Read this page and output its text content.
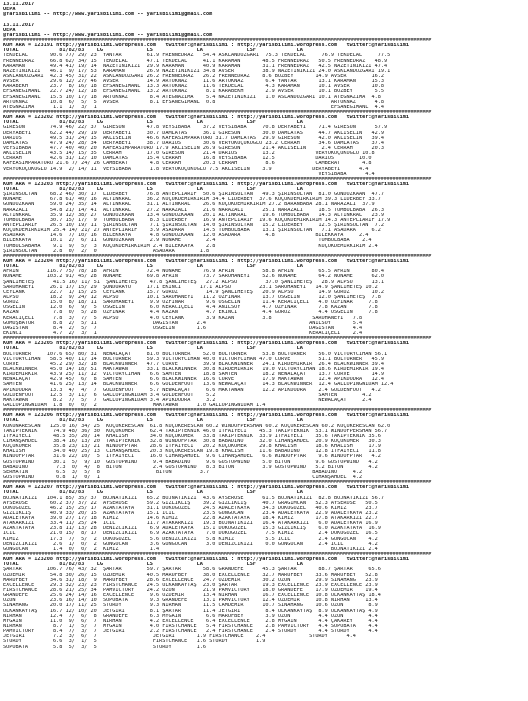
13.11.2017
UEPA
@YarisBilimi -- http://www.yarisbilimi.com -- yarisbilimi@gmail.com
13.11.2017
UEPA
@YarisBilimi -- http://www.yarisbilimi.com -- yarisbilimi@gmail.com
################################################################################################################################################
KUM ARA = 123191 http://yarisbilimi.wordpress.com   twitter:@YarisBilimi : http://yarisbilimi.wordpress.com   twitter:@YarisBilimi
TOTAL             81/82/83    LG              LS              LA              LSF             LA
TEKDELAL       90.6 77/ 29/ 23  YANTAR        61.9 FRENNEDRAZ   54.4 ASKLANDÜZGARI  75.3 TEKDELAL     76.9 TEKDELAL     77.5
FRENNEDRAZ     66.8 62/ 34/ 15  TEKDELAL      47.1 TEKDELAL     41.1 KARAMAN       48.5 FRENNEDRAZ   50.5 FRENNEDRAZ   48.9
KARAMAN        49.4 41/ 19/ 14  NAZETINIKIZI  29.9 KARAMAN      40.9 KARAMAN       31.1 FRENNEDRAZ   42.5 NAZETINIKIZI 47.4
NAZETINIKIZI   46.1  9/ 17/ 53  KARAMAN       26.9 NAZETINIKIZI 34.8 AVSER         38.9 NAZETINIKIZI 24.0 ASKLANDÜZGARI 19.1
ASKLANDÜZGARI  42.3 45/ 31/ 22  ASKLANDÜZGARI 26.2 FRENNEDRAZ   26.2 FRENNEDRAZ    8.6 BOZBEY       14.9 AVSER        16.2
AVSER          29.6 12/ 27/ 46  AVSER         14.9 ARTOKNAZ     11.6 ARTOKNAZ       6.4 YANTAR       13.1 KARAMAN     15.3
KARABEKH       23.7  8/ 16/ 18  EFSANEGIMANL  13.3 ARTOKNAZ     11.6 TEKDELAL       4.3 KARAMAN      10.1 AVSER       10.8
EFSANEGIMANL   22.7 24/ 12/ 18  EFSANEGIMANL  13.2 ARTOKNAZ      8.1 KARABEKH       2.9 AVSER        10.1 BOZBEY       5.5
EFSANEGIMANL   15.5 10/ 17/ 18  ARTOKNAZ       8.4 ATEGNAZIMA    5.4 NAZETINIKIZI   1.0 ASLANDÜZGARI 10.1 ATEGNAZIMA  4.8
ARTOKNAZ       10.8  6/  5/  5  AVSER          8.1 EFSANEGIMANL  0.8                                     ARTOKNAZ      4.8
ATEGNAZIMA      1.1  1/  3/  1                                                                           EFSANEGIMANL  4.4
################################################################################################################################################
KUM ARA = 123202 http://yarisbilimi.wordpress.com   twitter:@YarisBilimi : http://yarisbilimi.wordpress.com   twitter:@YarisBilimi
TOTAL             81/82/83    LG              LS              LA              LSF             LA
GIRESUN        74.9 46/ 22/ 37  GIRESUN       47.8 VEYSIBABA    37.2 VEYSIBABA     70.8 DERYABEYI    71.4 GIRESUN      57.9
DERYABEYI      62.2 44/ 29/ 19  DERYABEYI     30.7 DAMLATAS     36.1 GIRESUN       30.0 DAMLATAS     44.7 AKLISELIN   42.9
DARIUS         49.5 31/ 24/ 15  AKLISELIN     46.6 KAFEASIMPARATORU 31.7 DAMLATAS  29.9 GIRESUN      42.0 AKLISELIN   39.4
DAMLATAS       47.9 24/ 28/ 34  DERYABEYI     38.7 DARIUS       30.6 VERYOKUÇUKOĞLU 23.2 CERRAH      34.6 DAMLATAS    37.4
VEYSIBABA      47.7 40/ 40/ 20  KAFEASIMPARATORU 17.9 AKLISELIN 26.9 GIRESUN       21.4 AKLISELIN     2.4 CERRAH      20.3
AKLISELIN      43.5 14/ 15/ 35  CERRAH        17.0 GIRESUN      21.4 DARIUS        13.2             VERYOKUÇUKOĞLU 10.8
CERRAH         42.6 31/ 12/ 10  DAMLATAS      15.4 CERRAH       16.8 VEYSIBABA     12.5             DARIUS        10.0
KAFEASIMPARATORU 21.6 7/ 24/ 26 CAMBERAT       4.8 CERRAH       20.3 CERRAH         8.6             CAMBERAT       4.8
VERYOKUÇUKOĞLU 14.9  2/ 14/ 11  VEYSIBABA      1.8 VERYOKUÇUKOĞLU 7.5 AKLISELIN    3.9             DERYABEYI      4.4
VEYSIBABA      4.4
################################################################################################################################################
KUM ARA = 123203 http://yarisbilimi.wordpress.com   twitter:@YarisBilimi : http://yarisbilimi.wordpress.com   twitter:@YarisBilimi
TOTAL             81/82/83    LG              LS              LA              LSF             LA
ŞIRINSULTAN    68.2 46/ 30/ 17  LIDERBEY      76.8 ANTEPLİARIF  50.6 ŞIRINSULTAN   49.3 ŞIRINSULTAN  81.0 GÜNDÜZKAAN  47.7
NONAME         67.8 61/ 40/ 16  ALTINKRAL     36.2 KÜÇÜKDEMIRKIRIM 34.4 LIDERBEY  37.6 KÜÇÜKDEMIRKIRIM 39.3 LIDERBEY 33.7
GÜNDÜZKAAN     59.0 24/ 35/ 14  ALTINKRAL     31.1 ALTINKRAL    26.6 KÜÇÜKDEMIRKIRIM 27.2 BARANBABA 28.1 NARAZALI  37.9
NARAZALI       54.8 21/ 14/ 41  ALTINKRAL     27.2 NARAZALI     21.6 NARAZALI      25.1 NARAZALI     18.5 TUMBULBABA  26.3
ALTINKRAL      35.9 12/ 38/ 27  GÜNDÜZKAAN    13.4 GÜNDÜZKAAN   20.1 ALTINKRAL     19.6 TUMBULBABA   14.3 ALTINKRAL   23.9
TUMBULBABA     30.7 15/ 17/  9  TUMBULBABA     8.3 LIDERBEY     16.9 ANTEPLİARIF  19.6 KÜÇÜKDEMIRKIRIM 14.3 ANTEPLİARIF 17.9
ANTEPLİARIF    26.5 10/ 19/ 11  ŞIRINSULTAN    7.1 ŞIRINSULTAN  14.0 ŞIRINSULTAN   15.2 LIDERBEY     12.5 ŞIRINSULTAN  7.2
KÜÇÜKDEMIRKIRIM 25.4 14/ 21/ 27 ANTEPLİARIF    3.9 ASADARA      14.5 TUMBULBABA    13.1 ŞIRINSULTAN   7.1 ASADARA     6.2
ASADARA        14.6  7/ 10/ 16  BILEKKAYA      4.8 GÜNDÜZKAAN   12.0 ASADARA        4.8             BILEKKAYA     2.4
BILEKKAYA      10.1  2/  6/ 11  GÜNDÜZKAAN     2.9 NONAME        2.4                                 TUMBULBABA    2.4
TUMBULSABAHA    9.1  9/  5/  3  KÜÇÜKDEMIRKIRIM 2.4 BILEKKAYA    2.8                                 KÜÇÜKDEMIRKIRIM 2.4
ŞIRINSULTAN     2.8  0/  2/  0                  ASADARA        1.8
################################################################################################################################################
KUM ARA = 123204 http://yarisbilimi.wordpress.com   twitter:@YarisBilimi : http://yarisbilimi.wordpress.com   twitter:@YarisBilimi
TOTAL             81/82/83    LG              LS              LA              LSF             LA
AFRIN         116.7 75/ 78/ 18  AFRIN         72.4 NONAME       76.9 AFRIN         58.8 AFRIN        65.5 AFRIN       80.4
NONAME        103.2 91/ 45/ 28  NONAME        69.8 AFRIN        73.7 SAROHANEYI    52.6 NONAME       64.2 NONAME      62.0
ŞANLIHETEŞ      41.5 16/ 11/ 51  ŞANLIHETEŞ    47.8 ŞANLIHETEŞ   27.2 ALPSU         37.0 ŞANLIHETEŞ   28.9 ALPSU      13.1
SAROHANEYI     26.1 17/ 15/ 29  ŞÖNDÜRAYU     17.1 EKINCI      17.1 ALPSU         23.1 SAROHANEYI   14.9 ŞANLIHETEŞ 10.2
CEYLANK        22.7  1/ 15/ 25  CEYLANK       15.7 GÜRÜZ         14.9 ŞANLIHETEŞ   20.9 ALPSU        14.9 GÜRÜZ       10.2
ALPSU          18.2  9/ 24/ 12  ALPSU         10.1 SAROHANEYI   11.2 OZFINAR       13.7 OSGELIN      12.0 ŞANLIHETEŞ  7.8
GÜRÜZ          15.0  8/ 18/ 11  SAROHANEYI     9.9 ÖZFINAR       9.6 OSGELIN       11.4 KERACIÇELI   4.0 ÖZFINAR     7.8
OSGELIN        12.0  6/  9/  5  OSGELIN        6.0 KERACIÇELI    4.4 ANILSOY       4.7 OZFINAR       7.8 KAZAN       7.8
KAZAN           7.8  0/  5/ 28  ÖZFINAR        4.4 KAZAN         4.7 EKINCI        4.4 GÜRÜZ         4.4 OSGELIN     7.8
KERACIÇELI      7.8  3/  7/  5  ALPSU          4.0 CEYLANK       3.9 KAZAN         3.8             SAROHANEYI   7.8
GÜMÜŞBATUR      8.8  2/  5/ 11                  DAĞISTAN      2.4                                 ANILSOY       5.4
DAĞISTAN        8.4  2/  5/  7                  OSGELIN       1.6                                 DAĞISTAN      4.4
EKINCI          4.7  2/  3/  1                                                                    KERACIÇELI    2.4
################################################################################################################################################
KUM ARA = 123205 http://yarisbilimi.wordpress.com   twitter:@YarisBilimi : http://yarisbilimi.wordpress.com   twitter:@YarisBilimi
TOTAL             81/82/83    LG              LS              LA              LSF             LA
BOLTURNER     107.6 65/ 80/ 31  NEWALAÇAT     81.0 BOLTURNER    52.0 BOLTURNER     53.8 BOLTURNER    56.0 VICTORYCIHAN 56.1
VICTORYCIHAN   58.5 40/ 11/ 14  BOLTURNER     59.3 VICTORYCIHAN 40.0 VICTORYCIHAN 47.0 CURVE         51.1 BOLTURNER   45.9
CURVE          45.2 29/ 32/ 18  BLACKWINNER   47.7 CURVE        39.9 BLACKWINNER   24.1 KIRDEMIRKIR  26.4 BLACKWINNER 39.4
BLACKWINNER    45.0 14/ 18/ 51  MAKTAWAN      33.1 BLACKWINNER  30.8 KIRDEMIRKIR   19.0 VICTORYCIHAN 18.6 KIRDEMIRKIR 19.4
KIRDEMIRKIR    43.9 25/ 11/ 12  VICTORYCIHAN   6.6 SAMTEN       18.8 SAMTEN        18.2 NEWALAÇAT    13.7 CURVE       14.9
NEWALAÇAT      42.9 45/  6/  8  SAMTEN         6.6 BLACKWINNER  16.6 CURVE         17.9 MAKTAWAN     12.4 APIKDODRA   12.4
SAMTEN         41.6 25/ 13/ 14  BLACKWINNER    6.6 GOLDENFOOT   13.6 NEWALAÇAT     14.3 BLACKWINNER  12.4 GALLOPINGWIDAM 12.4
APIKDODRA      13.3  4/  4/  7  GOLDENFOOT     5.7 NEWALAÇAT     6.6 MAKTAWAN      12.2 APIKDODRA    2.4 GOLDENFOOT   4.2
GOLDENFOOT     12.5  3/ 11/  6  GALLOPINGWIDAM 3.4 GOLDENFOOT    5.2                                 SAMTEN        4.2
MAKTAWAN        8.2  7/  5/  7  GALLOPINGWIDAM 3.4 APIKDODRA     3.2                                 NEWALAÇAT     2.4
GALLOPINGWIDAM  1.8  0/  0/  2                  MAKTAWAN      1.0 GALLOPINGWIDAM 1.4
################################################################################################################################################
KUM ARA = 123206 http://yarisbilimi.wordpress.com   twitter:@YarisBilimi : http://yarisbilimi.wordpress.com   twitter:@YarisBilimi
TOTAL             81/82/83    LG              LS              LA              LSF             LA
KUKUNARESCAN   125.0 16/ 34/ 25  KÜÇÜKERESCAN  61.8 KÜÇÜKERESCAN 60.2 WINDOFPERSHAN 60.2 KÜÇÜKERESCAN 60.2 KÜÇÜKERESCAN 62.0
TAKIPTEKNIK     74.9 48/ 36/ 30  KÜÇÜKOMER     62.4 TAKIPTEKNIK 46.0 İTFAİYECI    45.3 TAKIPTEKNIK  53.1 WINDOFPERSHAN 56.7
İTFAİYECI       48.5 35/ 20/ 14  KHALISH       34.0 KÜÇÜKOMER   33.8 TAKIPTEKNIK  33.9 İTFAİYECI    35.6 TAKIPTEKNIK 35.6
CİHANŞAHDEL     38.4 16/ 13/ 20  TAKIPTEKNIK   32.8 WINDOFPTAR  30.8 BABADINO     32.0 CİHANŞAHDEL  20.9 KÜÇÜKOMER   30.3
KÜÇÜKOMER       35.8 23/ 13/ 21  WINDOFPTAR    28.6 İTFAİYECI   20.2 KÜÇÜKOMER    29.8 KHALISH      18.6 KHALISH     17.9
KHALISH         34.0 40/ 25/ 13  CİHANŞAHDEL   20.3 KÜÇÜKERESCAN 19.8 KHALISH     11.6 BABADINO     12.8 İTFAİYECI   11.8
WINDOFPTAR      31.6 22/ 10/  5  İTFAİYECI     16.0 CİHANŞAHDEL  9.6 CİHANŞAHDEL   6.6 WINDOFPTAR    9.6 WINDOFPTAR   4.2
GUSTOPWIND      30.1  5/  9/ 10  GUSTOPWIND     9.4 BABADINO     9.6 GUSTOPWIND    5.0 BITON        9.6 GUSTOPWIND   4.2
BABADINO         7.3  0/  4/  8  BITON          2.4 GUSTOPWIND   8.3 BITON         3.9 GUSTOPWIND   5.2 BITON        4.2
SERHATIN         6.5  3/  5/  8                  BITON         3.7                                 BABADINO     4.2
GUSTOPWIND       0.8  1/  0/  1                                                                    CİHANŞAHDEL  4.2
################################################################################################################################################
KUM ARA = 123207 http://yarisbilimi.wordpress.com   twitter:@YarisBilimi : http://yarisbilimi.wordpress.com   twitter:@YarisBilimi
TOTAL             81/82/83    LG              LS              LA              LSF             LA
BOJNATIKIZI   104.1 85/ 35/ 37  BOJNATIKIZI   65.2 BOJNATIKIZI  43.6 AYSEROSE      61.5 BOJNATIKIZI  82.8 BOJNATIKIZI 56.7
AYSEROSE       60.2 37/ 37/ 22  AYSEROSE      59.2 GIZLIKLIŞ    39.2 GIZLIKLIŞ     40.7 GRAGIMCAN   52.3 AYSEROSE   50.5
DOKUGÜZEL      46.2 15/ 25/ 17  AZAKTATAYA    31.1 DOKUGÜZEL    24.5 ADALETKAYA    34.3 DOKUGÜZEL   40.6 KIMIZ      23.7
GIZLIKLIŞ      40.9 33/ 20/ 15  AZAKTATAYA    15.1 İCIL         23.5 GÜNGÜCAN      23.4 ADALETKAYA  22.9 ADALETKAYA 23.2
ADALETKAYA     39.0 27/ 17/ 18  KIMIZ         14.6 KIMIZ        22.8 AZAKTATAYA    18.4 KIMIZ       17.8 ATAKARKIZI 22.7
ATAKARKIZI     33.4 11/ 25/ 24  İCIL          11.7 ATAKARKIZI   19.3 BOJNATIKIZI   16.4 ATAKARKIZI   6.0 ADALETKAYA 16.9
AZAKTATAYA     23.8 11/ 13/ 28  DENIZCIKIZI    6.9 ADALETKAYA   15.1 DOKUGÜZEL     15.3 GIZLIKLIŞ    6.0 AZAKTATAYA  16.9
İCIL           21.0 15/  8/ 17  DENIZCIKIZI    6.9 AZAKTATAYA    7.0 DOKUGÜZEL      7.5 KIMIZ        2.4 DOKUGÜZEL  16.5
KIMIZ          17.3  7/  5/  2  DOKUGÜZEL      5.6 DENIZCIKIZI   5.8 KIMIZ          5.5 İCIL         2.4 GÜNGÜCAN    4.2
DENIZCIKIZI     2.6  1/  0/  2  GÜNGÜCAN       3.6 GÜNGÜCAN      3.0 DENIZCIKIZI    0.0 GÜNGÜCAN     2.4 İCIL        4.2
GÜNGÜCAN        1.4  0/  0/  2  KIMIZ          1.4                                                       BOJNATIKIZI 2.4
################################################################################################################################################
KUM ARA = 123208 http://yarisbilimi.wordpress.com   twitter:@YarisBilimi : http://yarisbilimi.wordpress.com   twitter:@YarisBilimi
TOTAL             81/82/83    LG              LS              LA              LSF             LA
ŞARTAR        106.7 76/ 43/ 32  ŞARTAR        59.7 ŞARTAR       58.6 GRANDEFE      45.3 ŞARTAR       88.7 ŞARTAR     65.6
OZDEMIR        54.8 30/ 26/ 15  OZDEMIR       40.5 MARUFBEY     38.0 EXCELLENCE    32.7 MARUFBEY    33.6 MARUFBEY   52.8
MARUFBEY       34.6 31/ 18/  9  MARUFBEY      28.6 EXCELLENCE   24.7 OZDEMIR       30.2 OZUN        29.9 SINAHANG   23.9
EXCELLENCE     29.3 32/ 23/ 23  FIRSTCHANCE   24.5 ÜLKANKAYTAŞ  23.0 ŞARTAR        19.3 EXCELLENCE  23.9 EXCELLENCE 23.9
FIRSTCHANCE    28.6 21/ 25/ 34  PAMVICTORY    24.2 OZUN         21.9 PAMVICTORY    18.0 GRANDEFE    17.9 OZDEMIR    19.4
GRANDEFE       25.6 24/ 14/ 16  EXCELLENCE     9.6 OZDEMIR      13.4 NIRHAN        16.7 EXCELLENCE  10.8 ÜLKANKAYTAŞ 18.4
OZUN           23.6 16/ 14/ 10  SUPOBATA       9.3 GRANDEFE     13.1 PAMVICTORY    12.4 OZDEMIR     10.8 NIRHAN     13.4
SINAHANG       20.0 17/ 11/ 25  STURDY         9.3 NIRHAN       11.5 CAMDEMIR      10.7 SINAHANG    10.6 OZUN        8.9
ÜLKANKAYTAŞ    16.7 12/ 10/ 20  JETGİRI        8.1 ŞARTAR       11.4 JETGİRI        8.4 ÜLKANKAYTAŞ  8.9 ÜLKANKAYTAŞ 4.9
NIRHAN         12.4  7/  6/  8  GRANDEFE       6.3 MYGAIN        6.6 MARUFBEY       3.9 OZUN         4.4 OZUN        4.4
MYGAIN         11.0  9/  6/  7  NIRHAN         4.2 EXCELLENCE    6.4 EXCELLENCE     2.8 MYGAIN       4.4 ÇAKAREY     4.4
NIRHAN          8.7  1/  5/  7  MYGAIN         4.0 FIRSTCHANCE   5.4 FIRSTCHANCE    2.8 PAMVICTORY   4.4 SUPOBATA    4.4
PAMVICTORY      8.4  7/  3/  7  JETGİRI        2.2 FIRSTCHANCE   2.4 FIRSTCHANCE    2.4 STURDY       4.4 STURDY      4.4
JETGİRI         7.2  3/  6/  7                  JETGİRI       1.9 FIRSTCHANCE    2.4              STURDY      4.4
STURDY          6.6  3/  1/  5                  FIRSTCHANCE   1.6 STURDY         1.9
SUPOBATA        5.8  5/  3/  5                  STURDY        1.6
